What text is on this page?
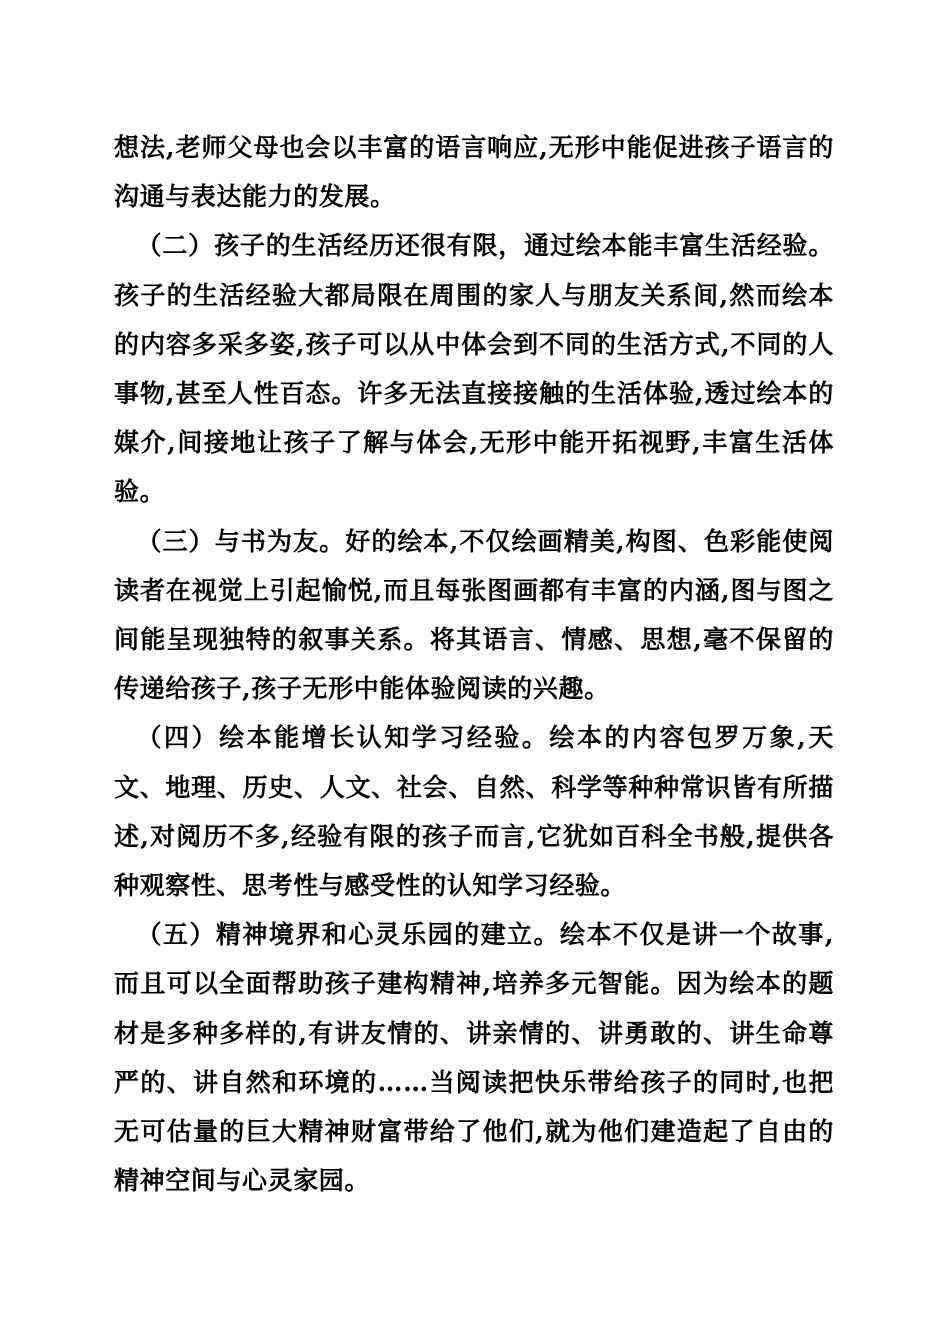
想法,老师父母也会以丰富的语言响应,无形中能促进孩子语言的沟通与表达能力的发展。

（二）孩子的生活经历还很有限，通过绘本能丰富生活经验。孩子的生活经验大都局限在周围的家人与朋友关系间,然而绘本的内容多采多姿,孩子可以从中体会到不同的生活方式,不同的人事物,甚至人性百态。许多无法直接接触的生活体验,透过绘本的媒介,间接地让孩子了解与体会,无形中能开拓视野,丰富生活体验。

（三）与书为友。好的绘本,不仅绘画精美,构图、色彩能使阅读者在视觉上引起愉悦,而且每张图画都有丰富的内涵,图与图之间能呈现独特的叙事关系。将其语言、情感、思想,毫不保留的传递给孩子,孩子无形中能体验阅读的兴趣。

（四）绘本能增长认知学习经验。绘本的内容包罗万象,天文、地理、历史、人文、社会、自然、科学等种种常识皆有所描述,对阅历不多,经验有限的孩子而言,它犹如百科全书般,提供各种观察性、思考性与感受性的认知学习经验。

（五）精神境界和心灵乐园的建立。绘本不仅是讲一个故事,而且可以全面帮助孩子建构精神,培养多元智能。因为绘本的题材是多种多样的,有讲友情的、讲亲情的、讲勇敢的、讲生命尊严的、讲自然和环境的……当阅读把快乐带给孩子的同时,也把无可估量的巨大精神财富带给了他们,就为他们建造起了自由的精神空间与心灵家园。
